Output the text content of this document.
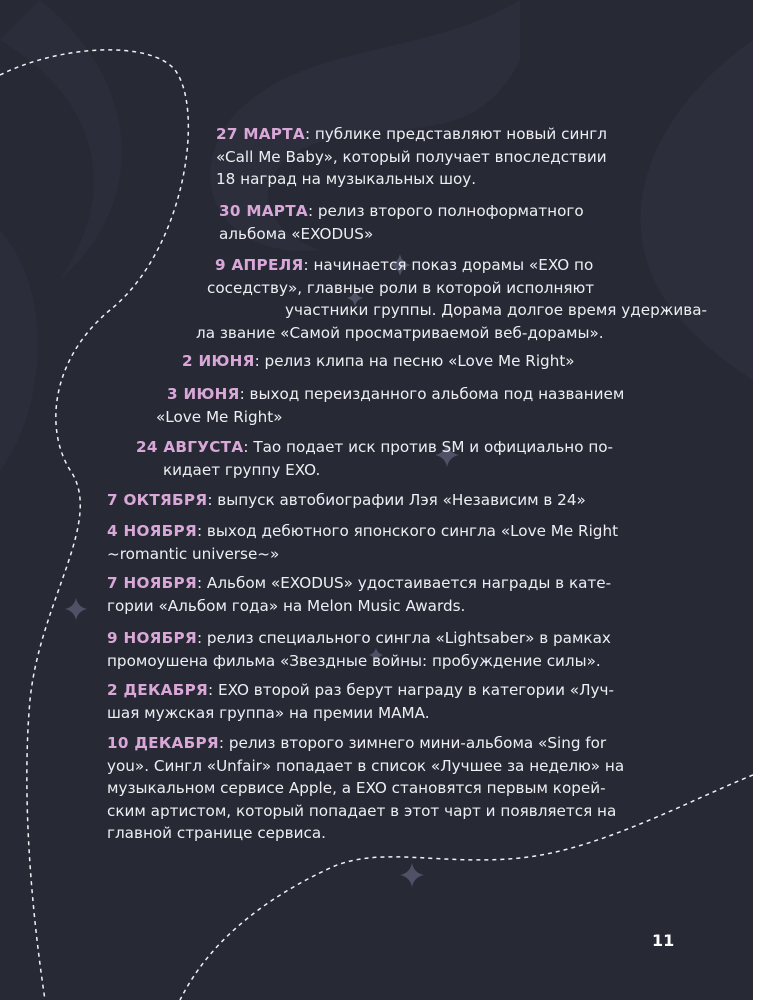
27 МАРТА: публике представляют новый сингл
«Call Me Baby», который получает впоследствии
18 наград на музыкальных шоу.

30 МАРТА: релиз второго полноформатного
альбома «EXODUS»

9 АПРЕЛЯ: начинается показ дорамы «EXO по
соседству», главные роли в которой исполняют
участники группы. Дорама долгое время удержива-
ла звание «Самой просматриваемой веб-дорамы».

2 ИЮНЯ: релиз клипа на песню «Love Me Right»

3 ИЮНЯ: выход переизданного альбома под названием
«Love Me Right»

24 АВГУСТА: Тао подает иск против SM и официально по-
кидает группу EXO.

7 ОКТЯБРЯ: выпуск автобиографии Лэя «Независим в 24»

4 НОЯБРЯ: выход дебютного японского сингла «Love Me Right
~romantic universe~»

7 НОЯБРЯ: Альбом «EXODUS» удостаивается награды в кате-
гории «Альбом года» на Melon Music Awards.

9 НОЯБРЯ: релиз специального сингла «Lightsaber» в рамках
промоушена фильма «Звездные войны: пробуждение силы».

2 ДЕКАБРЯ: EXO второй раз берут награду в категории «Луч-
шая мужская группа» на премии MAMA.

10 ДЕКАБРЯ: релиз второго зимнего мини-альбома «Sing for
you». Сингл «Unfair» попадает в список «Лучшее за неделю» на
музыкальном сервисе Apple, а EXO становятся первым корей-
ским артистом, который попадает в этот чарт и появляется на
главной странице сервиса.

11
